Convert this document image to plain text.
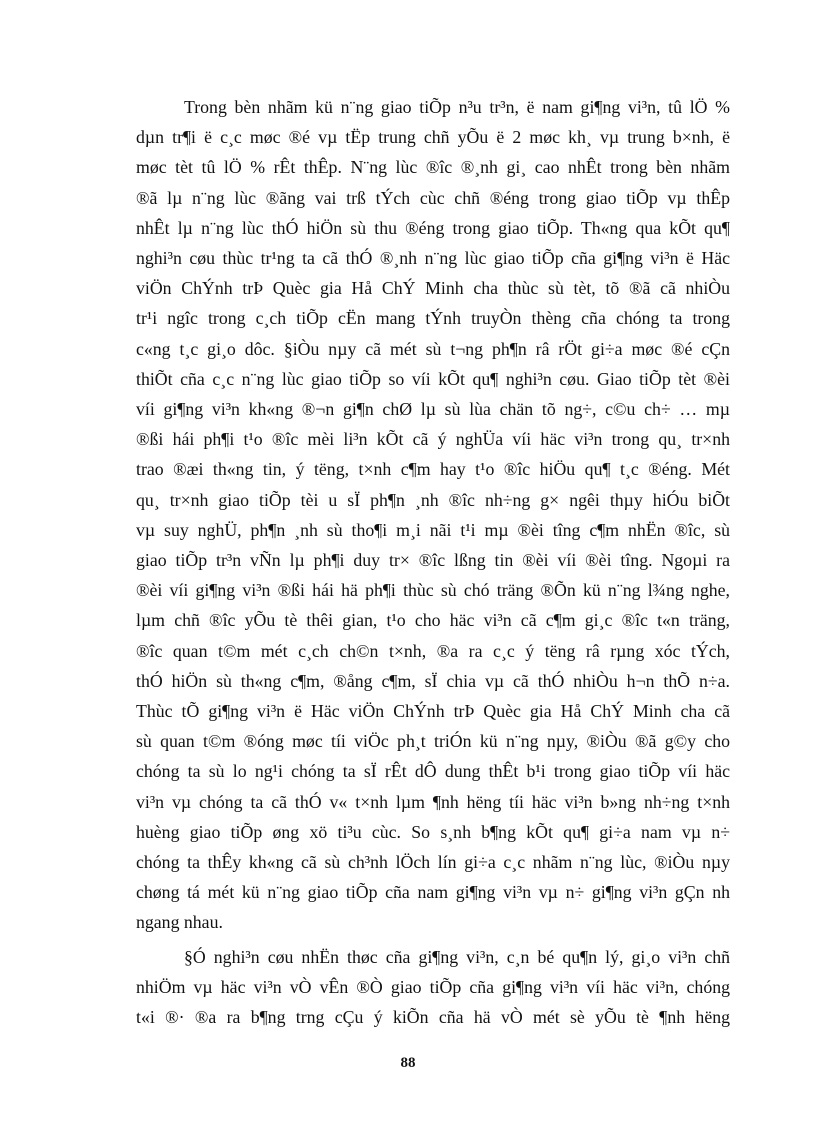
Trong bèn nhãm kü n¨ng giao tiÕp n³u tr³n, ë nam gi¶ng vi³n, tû lÖ %
dµn tr¶i ë c¸c møc ®é vµ tËp trung chñ yÕu ë 2 møc kh¸ vµ trung b×nh, ë
møc tèt tû lÖ % rÊt thÊp. N¨ng lùc ®îc ®¸nh gi¸ cao nhÊt trong bèn nhãm
®ã lµ n¨ng lùc ®ãng vai trß tÝch cùc chñ ®éng trong giao tiÕp vµ thÊp
nhÊt lµ n¨ng lùc thÓ hiÖn sù thu ®éng trong giao tiÕp. Th«ng qua kÕt qu¶
nghi³n cøu thùc tr¹ng ta cã thÓ ®¸nh n¨ng lùc giao tiÕp cña gi¶ng vi³n ë Häc
viÖn ChÝnh trÞ Quèc gia Hå ChÝ Minh cha thùc sù tèt, tõ ®ã cã nhiÒu
tr¹i ngîc trong c¸ch tiÕp cËn mang tÝnh truyÒn thèng cña chóng ta trong
c«ng t¸c gi¸o dôc. §iÒu nµy cã mét sù t¬ng ph¶n râ rÖt gi÷a møc ®é cÇn
thiÕt cña c¸c n¨ng lùc giao tiÕp so víi kÕt qu¶ nghi³n cøu. Giao tiÕp tèt ®èi
víi gi¶ng vi³n kh«ng ®¬n gi¶n chØ lµ sù lùa chän tõ ng÷, c©u ch÷ … mµ
®ßi hái ph¶i t¹o ®îc mèi li³n kÕt cã ý nghÜa víi häc vi³n trong qu¸ tr×nh
trao ®æi th«ng tin, ý tëng, t×nh c¶m hay t¹o ®îc hiÖu qu¶ t¸c ®éng. Mét
qu¸ tr×nh giao tiÕp tèi u sÏ ph¶n ¸nh ®îc nh÷ng g× ngêi thµy hiÓu biÕt
vµ suy nghÜ, ph¶n ¸nh sù tho¶i m¸i nãi t¹i mµ ®èi tîng c¶m nhËn ®îc, sù
giao tiÕp tr³n vÑn lµ ph¶i duy tr× ®îc lßng tin ®èi víi ®èi tîng. Ngoµi ra
®èi víi gi¶ng vi³n ®ßi hái hä ph¶i thùc sù chó träng ®Õn kü n¨ng l¾ng nghe,
lµm chñ ®îc yÕu tè thêi gian, t¹o cho häc vi³n cã c¶m gi¸c ®îc t«n träng,
®îc quan t©m mét c¸ch ch©n t×nh, ®a ra c¸c ý tëng râ rµng xóc tÝch,
thÓ hiÖn sù th«ng c¶m, ®ång c¶m, sÏ chia vµ cã thÓ nhiÒu h¬n thÕ n÷a.
Thùc tÕ gi¶ng vi³n ë Häc viÖn ChÝnh trÞ Quèc gia Hå ChÝ Minh cha cã
sù quan t©m ®óng møc tíi viÖc ph¸t triÓn kü n¨ng nµy, ®iÒu ®ã g©y cho
chóng ta sù lo ng¹i chóng ta sÏ rÊt dÔ dung thÊt b¹i trong giao tiÕp víi häc
vi³n vµ chóng ta cã thÓ v« t×nh lµm ¶nh hëng tíi häc vi³n b»ng nh÷ng t×nh
huèng giao tiÕp øng xö ti³u cùc. So s¸nh b¶ng kÕt qu¶ gi÷a nam vµ n÷
chóng ta thÊy kh«ng cã sù ch³nh lÖch lín gi÷a c¸c nhãm n¨ng lùc, ®iÒu nµy
chøng tá mét kü n¨ng giao tiÕp cña nam gi¶ng vi³n vµ n÷ gi¶ng vi³n gÇn nh
ngang nhau.
§Ó nghi³n cøu nhËn thøc cña gi¶ng vi³n, c¸n bé qu¶n lý, gi¸o vi³n chñ
nhiÖm vµ häc vi³n vÒ vÊn ®Ò giao tiÕp cña gi¶ng vi³n víi häc vi³n, chóng
t«i ®· ®a ra b¶ng trng cÇu ý kiÕn cña hä vÒ mét sè yÕu tè ¶nh hëng
88
